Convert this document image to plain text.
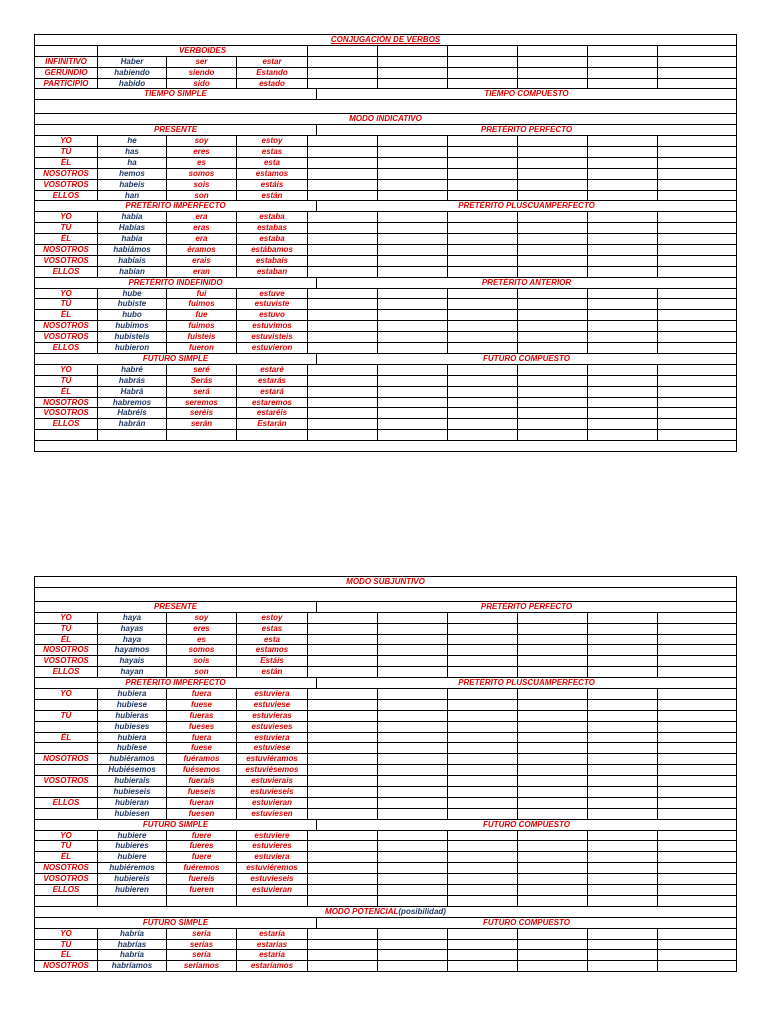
CONJUGACIÓN DE VERBOS
VERBOIDES
INFINITIVO	Haber	ser	estar
GERUNDIO	habiendo	siendo	Estando
PARTICIPIO	habido	sido	estado
TIEMPO SIMPLE	TIEMPO COMPUESTO
MODO INDICATIVO
PRESENTE	PRETÉRITO PERFECTO
YO	he	soy	estoy
TÚ	has	eres	estas
ÉL	ha	es	esta
NOSOTROS	hemos	somos	estamos
VOSOTROS	habeis	sois	estáis
ELLOS	han	son	están
PRETÉRITO IMPERFECTO	PRETÉRITO PLUSCUAMPERFECTO
YO	había	era	estaba
TÚ	Habías	eras	estabas
ÉL	había	era	estaba
NOSOTROS	habiámos	éramos	estábamos
VOSOTROS	habíais	erais	estabais
ELLOS	habían	eran	estaban
PRETÉRITO INDEFINIDO	PRETÉRITO ANTERIOR
YO	hube	fui	estuve
TÚ	hubiste	fuimos	estuviste
ÉL	hubo	fue	estuvo
NOSOTROS	hubimos	fuimos	estuvimos
VOSOTROS	hubisteis	fuisteis	estuvisteis
ELLOS	hubieron	fueron	estuvieron
FUTURO SIMPLE	FUTURO COMPUESTO
YO	habré	seré	estaré
TÚ	habrás	Serás	estarás
ÉL	Habrá	será	estará
NOSOTROS	habremos	seremos	estaremos
VOSOTROS	Habréis	seréis	estaréis
ELLOS	habrán	serán	Estarán
MODO SUBJUNTIVO
PRESENTE	PRETÉRITO PERFECTO
YO	haya	soy	estoy
TÚ	hayas	eres	estas
ÉL	haya	es	esta
NOSOTROS	hayamos	somos	estamos
VOSOTROS	hayais	sois	Estáis
ELLOS	hayan	son	están
PRETÉRITO IMPERFECTO	PRETÉRITO PLUSCUAMPERFECTO
YO	hubiera	fuera	estuviera
hubiese	fuese	estuviese
TÚ	hubieras	fueras	estuvieras
hubieses	fueses	estuvieses
ÉL	hubiera	fuera	estuviera
hubiese	fuese	estuviese
NOSOTROS	hubiéramos	fuéramos	estuviéramos
Hubiésemos	fuésemos	estuviésemos
VOSOTROS	hubierais	fuerais	estuvierais
hubieseis	fueseis	estuvieseis
ELLOS	hubieran	fueran	estuvieran
hubiesen	fuesen	estuviesen
FUTURO SIMPLE	FUTURO COMPUESTO
YO	hubiere	fuere	estuviere
TÚ	hubieres	fueres	estuvieres
ÉL	hubiere	fuere	estuviera
NOSOTROS	hubiéremos	fuéremos	estuviéremos
VOSOTROS	hubiereis	fuereis	estuvieseis
ELLOS	hubieren	fueren	estuvieran
MODO POTENCIAL(posibilidad)
FUTURO SIMPLE	FUTURO COMPUESTO
YO	habría	sería	estaría
TÚ	habrías	serías	estarías
ÉL	habría	sería	estaría
NOSOTROS	habríamos	seríamos	estaríamos
